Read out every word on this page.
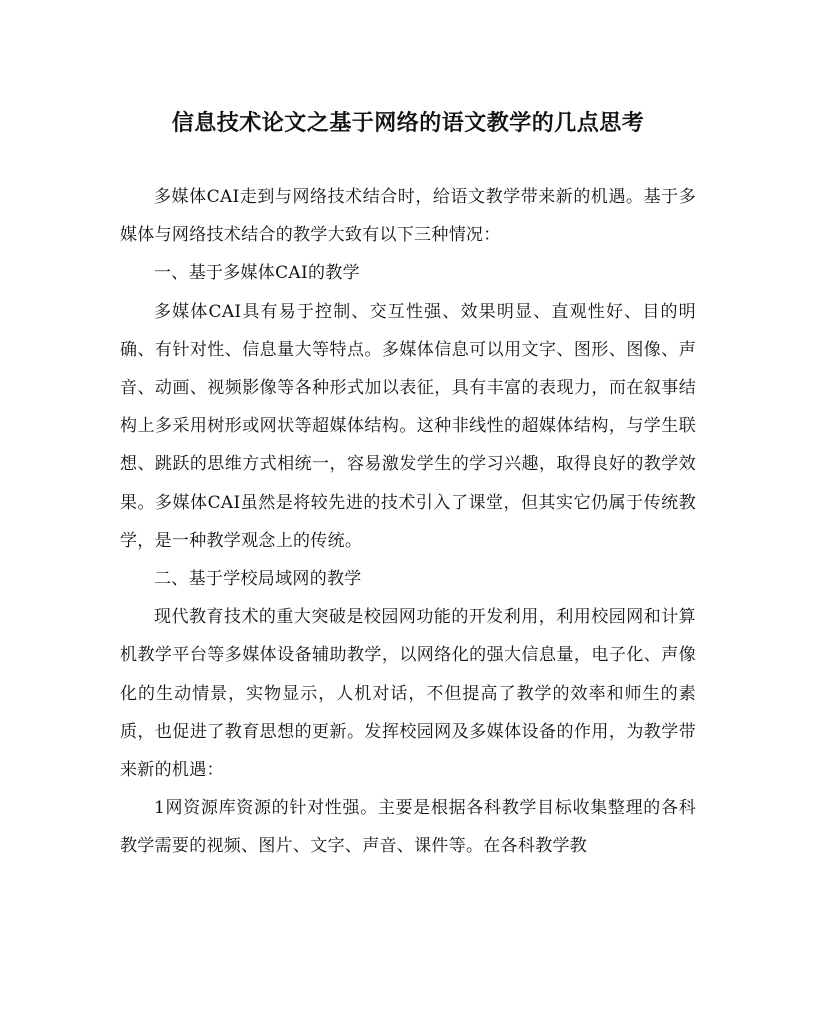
信息技术论文之基于网络的语文教学的几点思考

多媒体CAI走到与网络技术结合时，给语文教学带来新的机遇。基于多媒体与网络技术结合的教学大致有以下三种情况：

一、基于多媒体CAI的教学

多媒体CAI具有易于控制、交互性强、效果明显、直观性好、目的明确、有针对性、信息量大等特点。多媒体信息可以用文字、图形、图像、声音、动画、视频影像等各种形式加以表征，具有丰富的表现力，而在叙事结构上多采用树形或网状等超媒体结构。这种非线性的超媒体结构，与学生联想、跳跃的思维方式相统一，容易激发学生的学习兴趣，取得良好的教学效果。多媒体CAI虽然是将较先进的技术引入了课堂，但其实它仍属于传统教学，是一种教学观念上的传统。

二、基于学校局域网的教学

现代教育技术的重大突破是校园网功能的开发利用，利用校园网和计算机教学平台等多媒体设备辅助教学，以网络化的强大信息量，电子化、声像化的生动情景，实物显示，人机对话，不但提高了教学的效率和师生的素质，也促进了教育思想的更新。发挥校园网及多媒体设备的作用，为教学带来新的机遇：

1网资源库资源的针对性强。主要是根据各科教学目标收集整理的各科教学需要的视频、图片、文字、声音、课件等。在各科教学教
